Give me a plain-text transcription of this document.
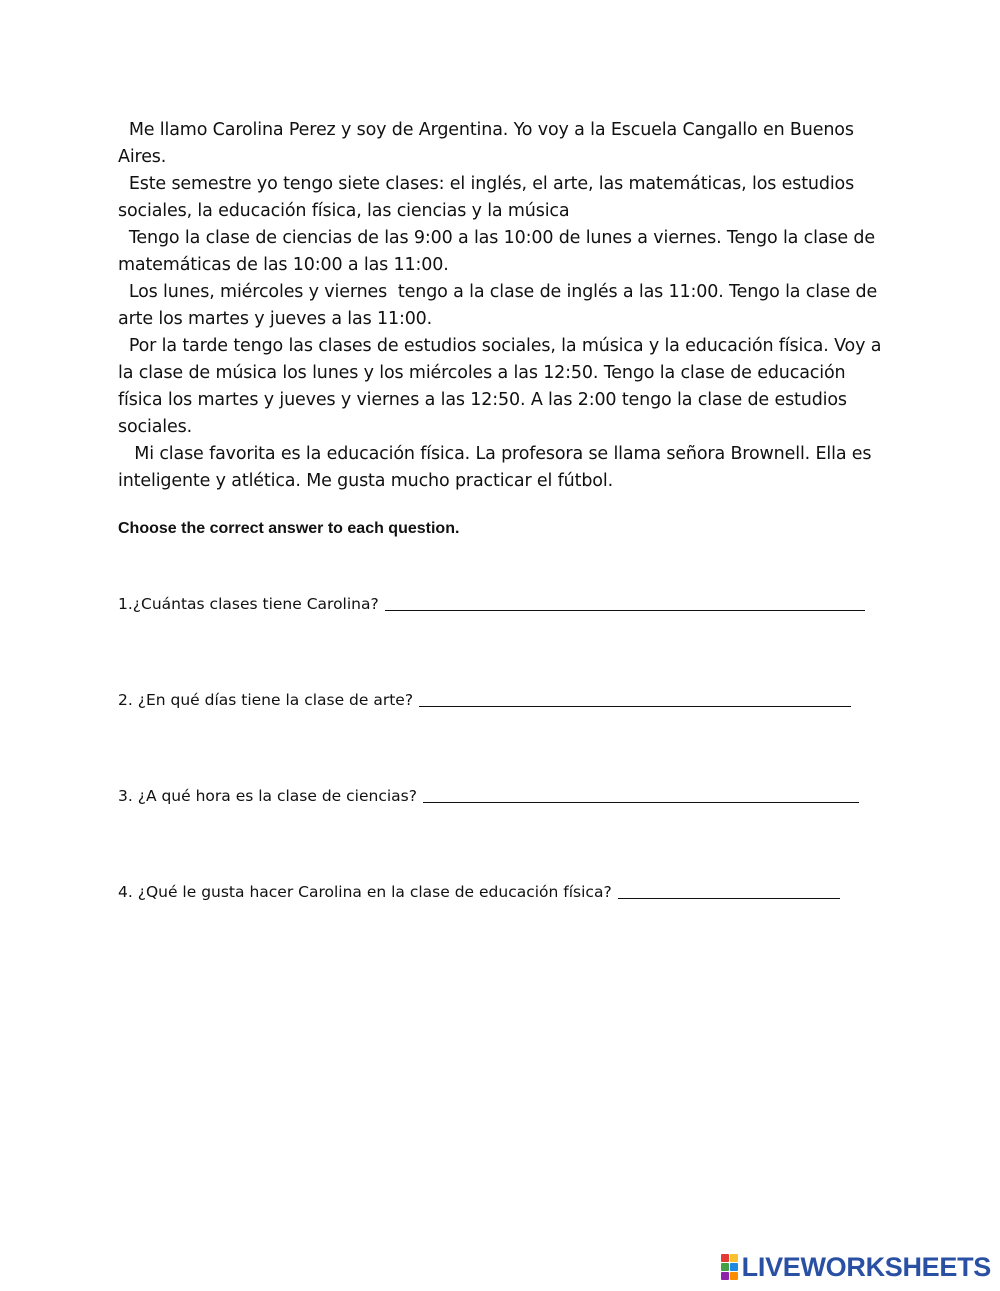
Me llamo Carolina Perez y soy de Argentina. Yo voy a la Escuela Cangallo en Buenos Aires.

Este semestre yo tengo siete clases: el inglés, el arte, las matemáticas, los estudios sociales, la educación física, las ciencias y la música

Tengo la clase de ciencias de las 9:00 a las 10:00 de lunes a viernes. Tengo la clase de matemáticas de las 10:00 a las 11:00.

Los lunes, miércoles y viernes  tengo a la clase de inglés a las 11:00. Tengo la clase de arte los martes y jueves a las 11:00.

Por la tarde tengo las clases de estudios sociales, la música y la educación física. Voy a la clase de música los lunes y los miércoles a las 12:50. Tengo la clase de educación física los martes y jueves y viernes a las 12:50. A las 2:00 tengo la clase de estudios sociales.

Mi clase favorita es la educación física. La profesora se llama señora Brownell. Ella es inteligente y atlética. Me gusta mucho practicar el fútbol.

Choose the correct answer to each question.
1.¿Cuántas clases tiene Carolina?
2. ¿En qué días tiene la clase de arte?
3. ¿A qué hora es la clase de ciencias?
4. ¿Qué le gusta hacer Carolina en la clase de educación física?
LIVEWORKSHEETS
